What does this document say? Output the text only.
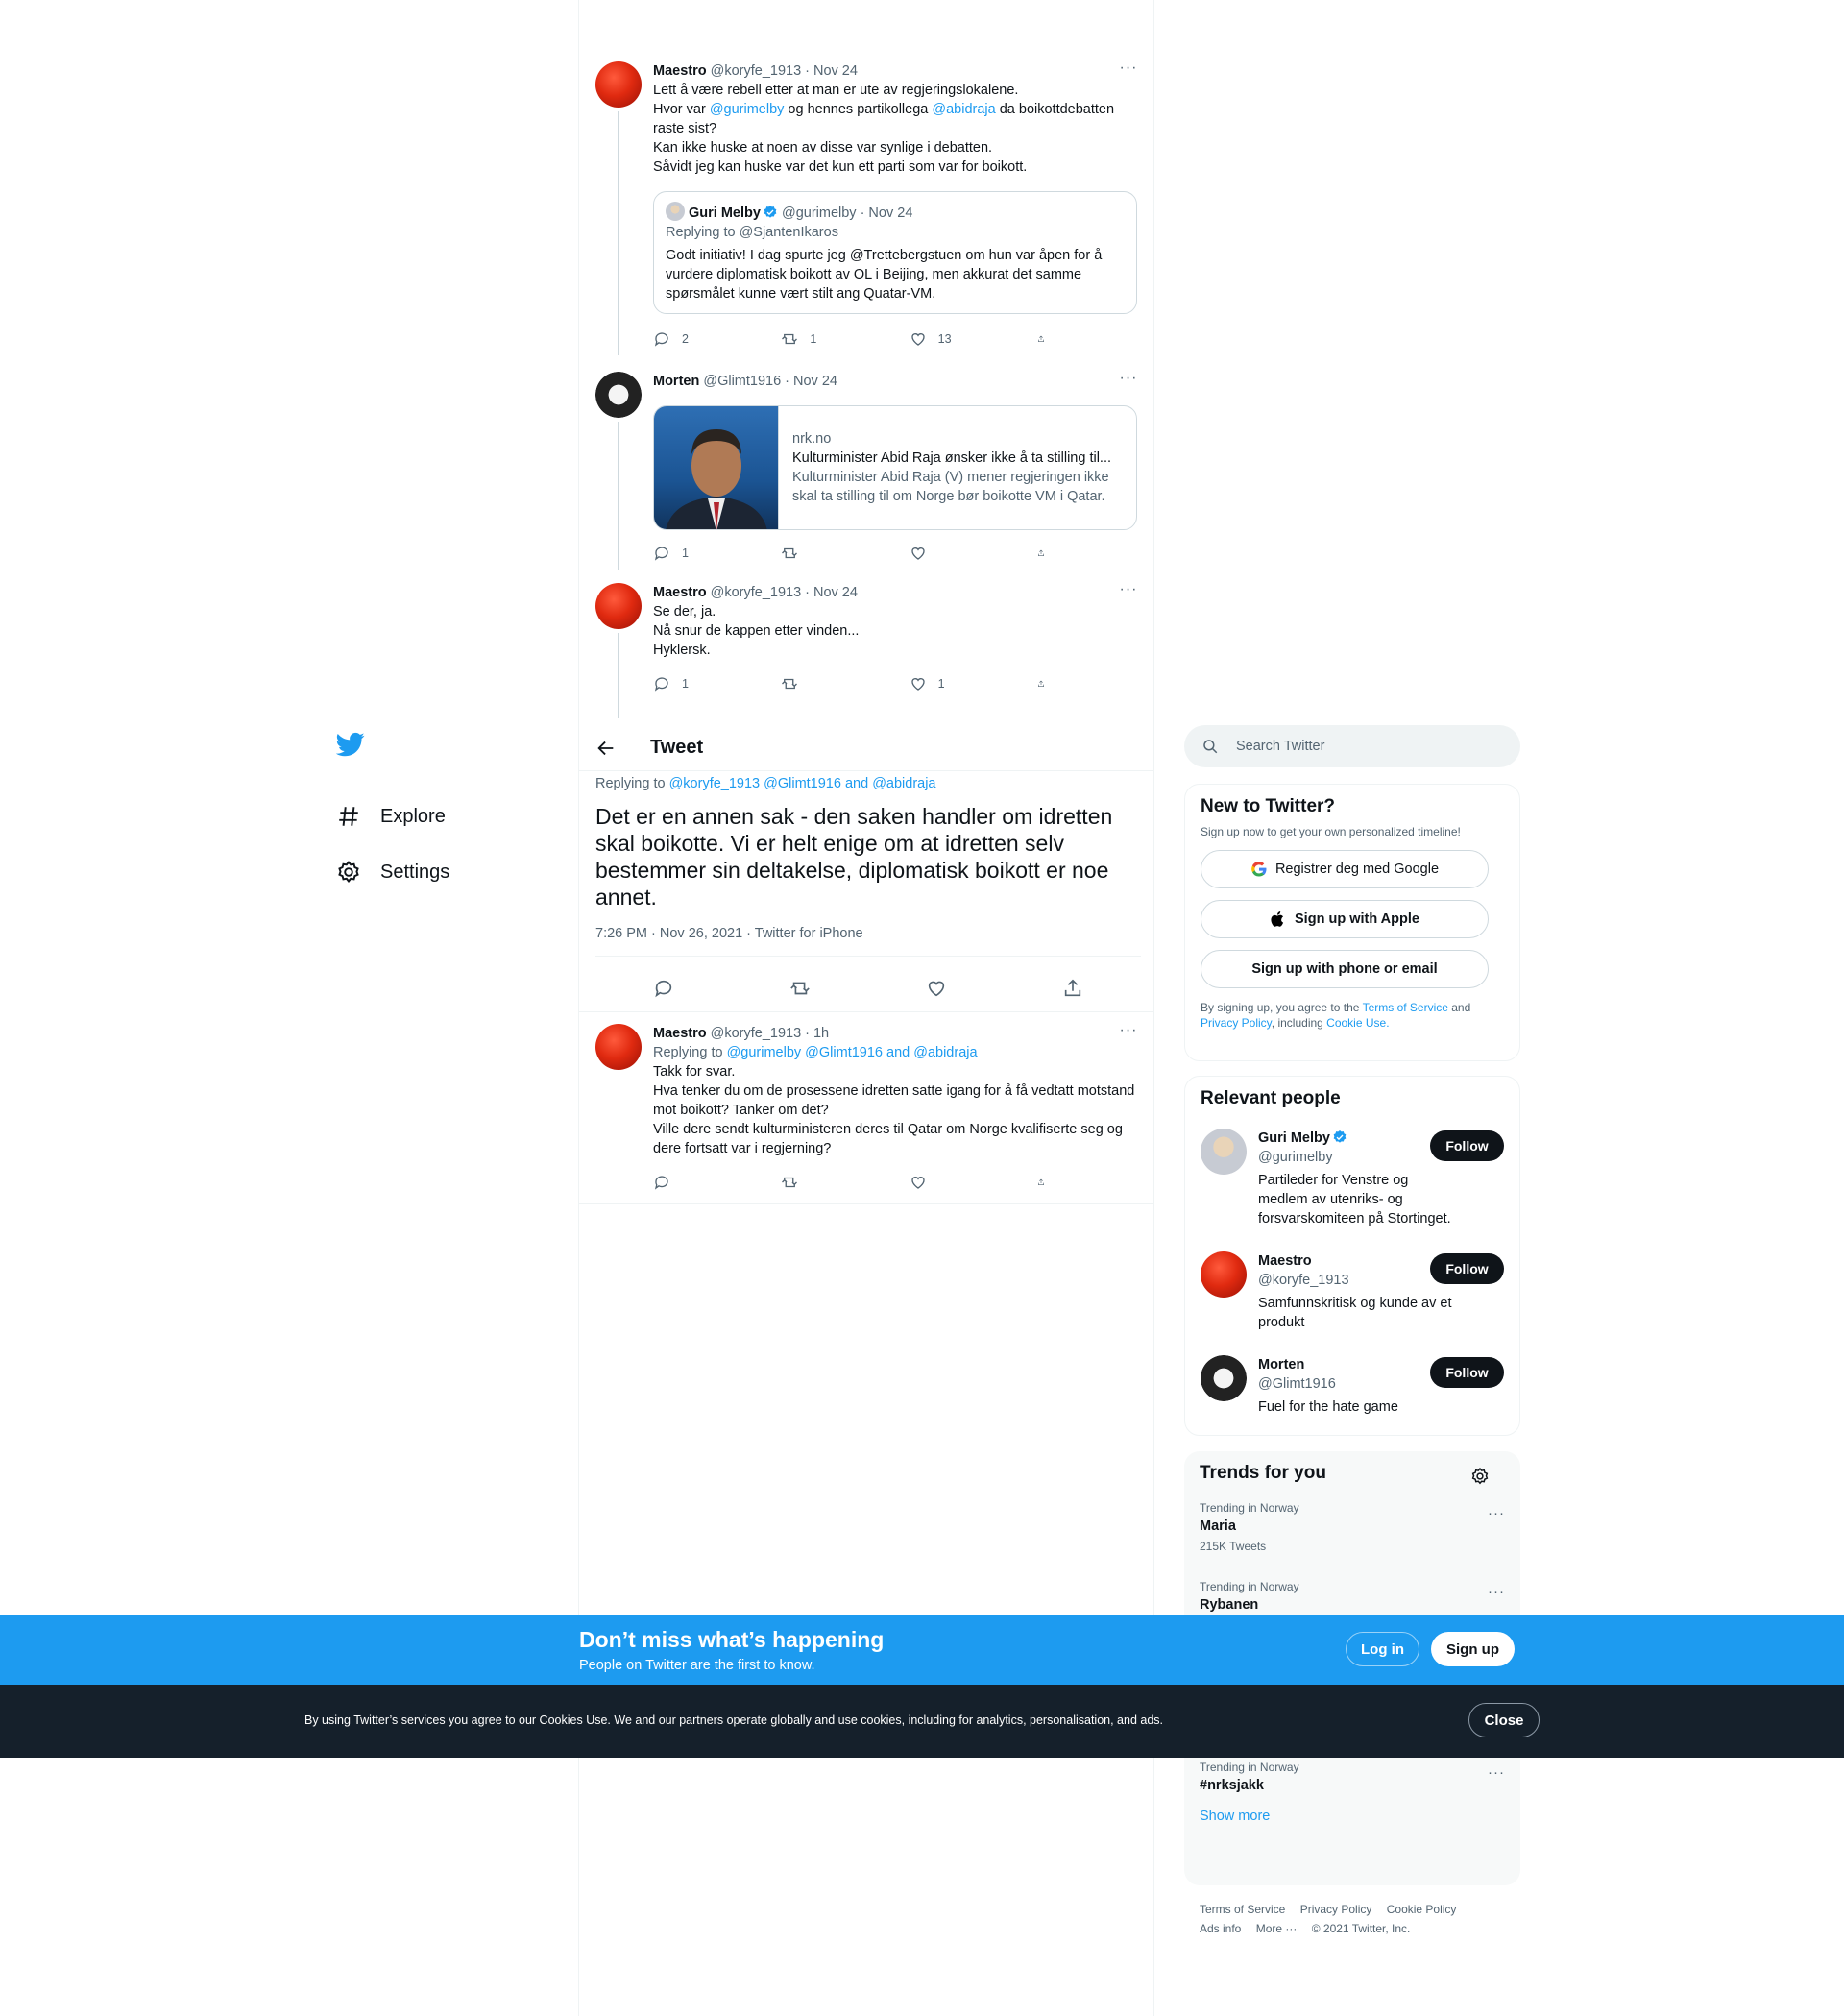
Explore
Settings
···
Maestro @koryfe_1913 · Nov 24

Lett å være rebell etter at man er ute av regjeringslokalene.

Hvor var @gurimelby og hennes partikollega @abidraja da boikottdebatten raste sist?

Kan ikke huske at noen av disse var synlige i debatten.

Såvidt jeg kan huske var det kun ett parti som var for boikott.

Guri Melby @gurimelby · Nov 24
Replying to @SjantenIkaros
Godt initiativ! I dag spurte jeg @Trettebergstuen om hun var åpen for å vurdere diplomatisk boikott av OL i Beijing, men akkurat det samme spørsmålet kunne vært stilt ang Quatar-VM.
2	1	13
···
Morten @Glimt1916 · Nov 24
nrk.no
Kulturminister Abid Raja ønsker ikke å ta stilling til...
Kulturminister Abid Raja (V) mener regjeringen ikke skal ta stilling til om Norge bør boikotte VM i Qatar.
1
···
Maestro @koryfe_1913 · Nov 24

Se der, ja.

Nå snur de kappen etter vinden...

Hyklersk.

1	1
Tweet
Replying to @koryfe_1913 @Glimt1916 and @abidraja
Det er en annen sak - den saken handler om idretten skal boikotte. Vi er helt enige om at idretten selv bestemmer sin deltakelse, diplomatisk boikott er noe annet.
7:26 PM · Nov 26, 2021 · Twitter for iPhone
···
Maestro @koryfe_1913 · 1h
Replying to @gurimelby @Glimt1916 and @abidraja

Takk for svar.

Hva tenker du om de prosessene idretten satte igang for å få vedtatt motstand mot boikott? Tanker om det?

Ville dere sendt kulturministeren deres til Qatar om Norge kvalifiserte seg og dere fortsatt var i regjerning?

Search Twitter
New to Twitter?
Sign up now to get your own personalized timeline!
Registrer deg med Google
Sign up with Apple
Sign up with phone or email
By signing up, you agree to the Terms of Service and Privacy Policy, including Cookie Use.
Relevant people
Guri Melby
@gurimelby
Partileder for Venstre og medlem av utenriks- og forsvarskomiteen på Stortinget.
Follow
Maestro
@koryfe_1913
Samfunnskritisk og kunde av et produkt
Follow
Morten
@Glimt1916
Fuel for the hate game
Follow
Trends for you
Trending in Norway
Maria
215K Tweets
···
Trending in Norway
Rybanen
···
Trending in Norway
#nrksjakk
···
Show more
Terms of Service Privacy Policy Cookie Policy
Ads info More ··· © 2021 Twitter, Inc.
Don’t miss what’s happening
People on Twitter are the first to know.
Log in	Sign up
By using Twitter’s services you agree to our Cookies Use. We and our partners operate globally and use cookies, including for analytics, personalisation, and ads.	Close
